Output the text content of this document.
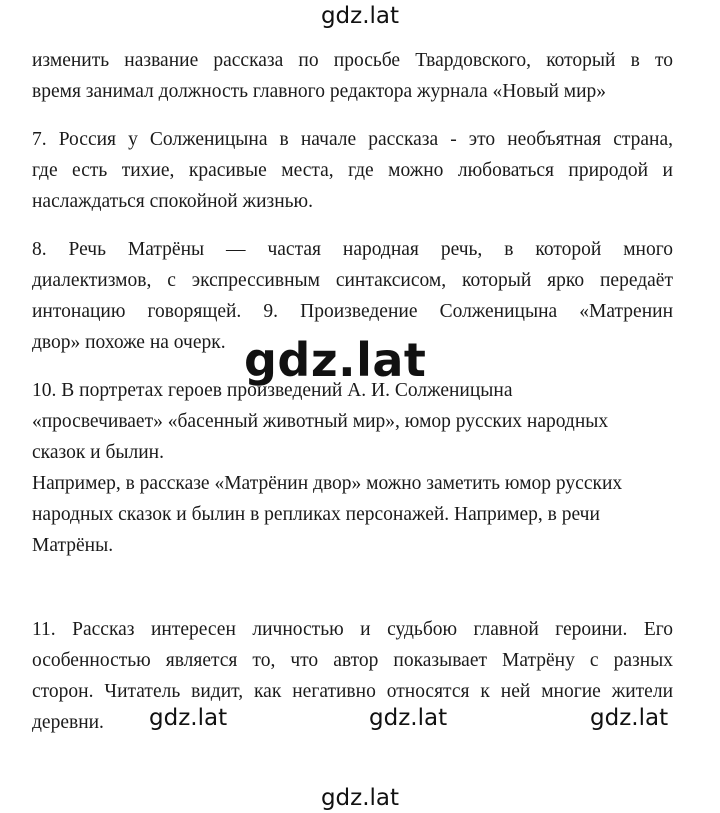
gdz.lat
изменить название рассказа по просьбе Твардовского, который в то
время занимал должность главного редактора журнала «Новый мир»
7. Россия у Солженицына в начале рассказа - это необъятная страна,
где есть тихие, красивые места, где можно любоваться природой и
наслаждаться спокойной жизнью.
8. Речь Матрёны — частая народная речь, в которой много
диалектизмов, с экспрессивным синтаксисом, который ярко передаёт
интонацию говорящей. 9. Произведение Солженицына «Матренин
двор» похоже на очерк.
10. В портретах героев произведений А. И. Солженицына
«просвечивает» «басенный животный мир», юмор русских народных
сказок и былин.
Например, в рассказе «Матрёнин двор» можно заметить юмор русских
народных сказок и былин в репликах персонажей. Например, в речи
Матрёны.
gdz.lat
11. Рассказ интересен личностью и судьбою главной героини. Его
особенностью является то, что автор показывает Матрёну с разных
сторон. Читатель видит, как негативно относятся к ней многие жители
деревни.	gdz.lat	gdz.lat	gdz.lat
gdz.lat
